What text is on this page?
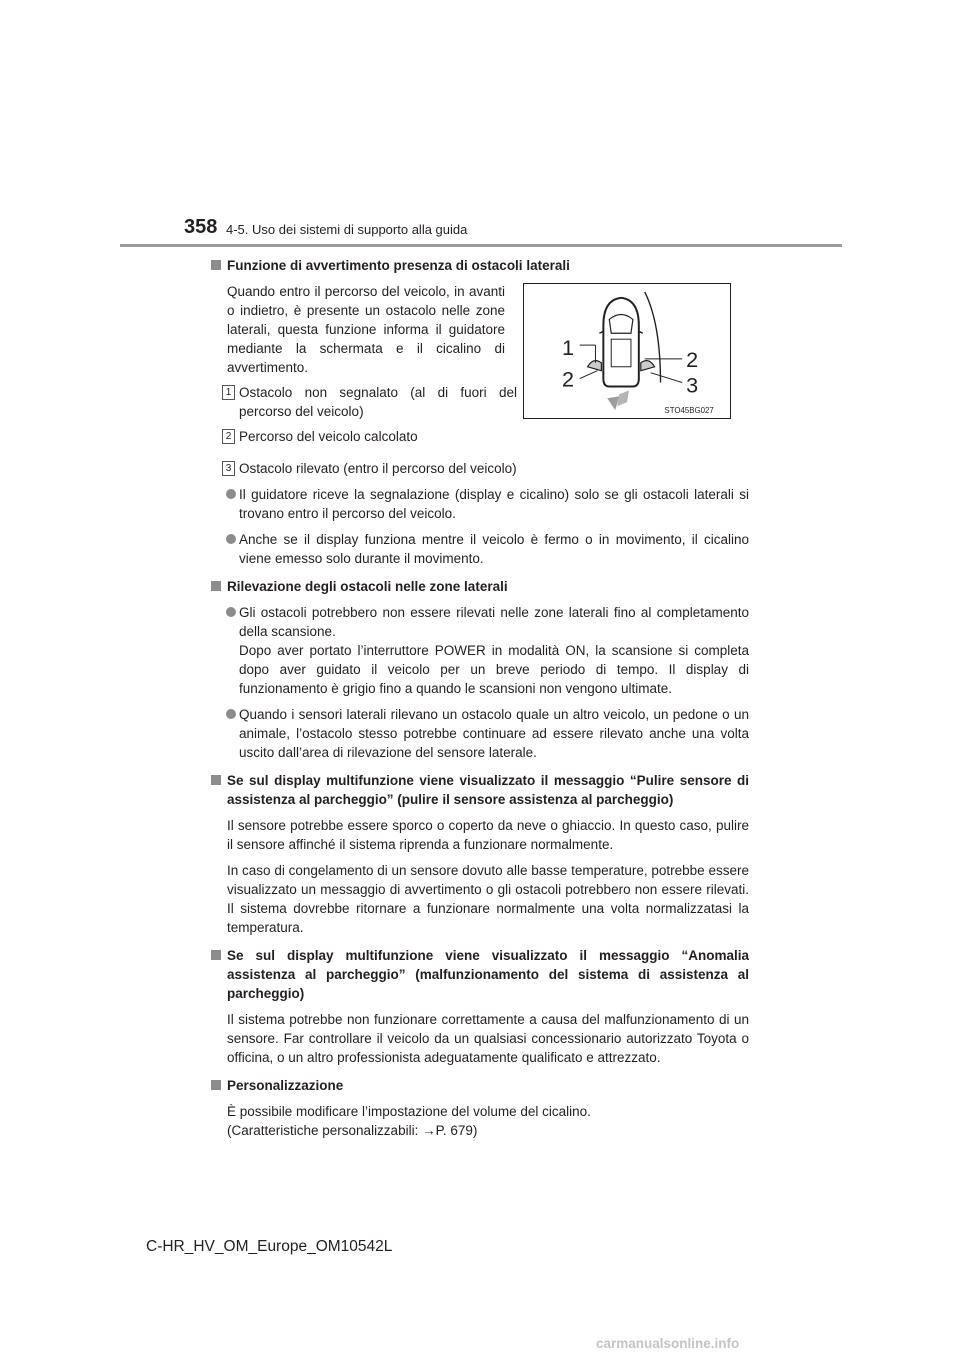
358 4-5. Uso dei sistemi di supporto alla guida
1
2
2
3
STO45BG027
Funzione di avvertimento presenza di ostacoli laterali
Quando entro il percorso del veicolo, in avanti o indietro, è presente un ostacolo nelle zone laterali, questa funzione informa il guidatore mediante la schermata e il cicalino di avvertimento.
1 Ostacolo non segnalato (al di fuori del percorso del veicolo)
2 Percorso del veicolo calcolato
3 Ostacolo rilevato (entro il percorso del veicolo)
Il guidatore riceve la segnalazione (display e cicalino) solo se gli ostacoli laterali si trovano entro il percorso del veicolo.
Anche se il display funziona mentre il veicolo è fermo o in movimento, il cicalino viene emesso solo durante il movimento.
Rilevazione degli ostacoli nelle zone laterali
Gli ostacoli potrebbero non essere rilevati nelle zone laterali fino al completamento della scansione.
Dopo aver portato l’interruttore POWER in modalità ON, la scansione si completa dopo aver guidato il veicolo per un breve periodo di tempo. Il display di funzionamento è grigio fino a quando le scansioni non vengono ultimate.
Quando i sensori laterali rilevano un ostacolo quale un altro veicolo, un pedone o un animale, l’ostacolo stesso potrebbe continuare ad essere rilevato anche una volta uscito dall’area di rilevazione del sensore laterale.
Se sul display multifunzione viene visualizzato il messaggio “Pulire sensore di assistenza al parcheggio” (pulire il sensore assistenza al parcheggio)
Il sensore potrebbe essere sporco o coperto da neve o ghiaccio. In questo caso, pulire il sensore affinché il sistema riprenda a funzionare normalmente.
In caso di congelamento di un sensore dovuto alle basse temperature, potrebbe essere visualizzato un messaggio di avvertimento o gli ostacoli potrebbero non essere rilevati. Il sistema dovrebbe ritornare a funzionare normalmente una volta normalizzatasi la temperatura.
Se sul display multifunzione viene visualizzato il messaggio “Anomalia assistenza al parcheggio” (malfunzionamento del sistema di assistenza al parcheggio)
Il sistema potrebbe non funzionare correttamente a causa del malfunzionamento di un sensore. Far controllare il veicolo da un qualsiasi concessionario autorizzato Toyota o officina, o un altro professionista adeguatamente qualificato e attrezzato.
Personalizzazione
È possibile modificare l’impostazione del volume del cicalino.
(Caratteristiche personalizzabili: →P. 679)
C-HR_HV_OM_Europe_OM10542L
carmanualsonline.info
